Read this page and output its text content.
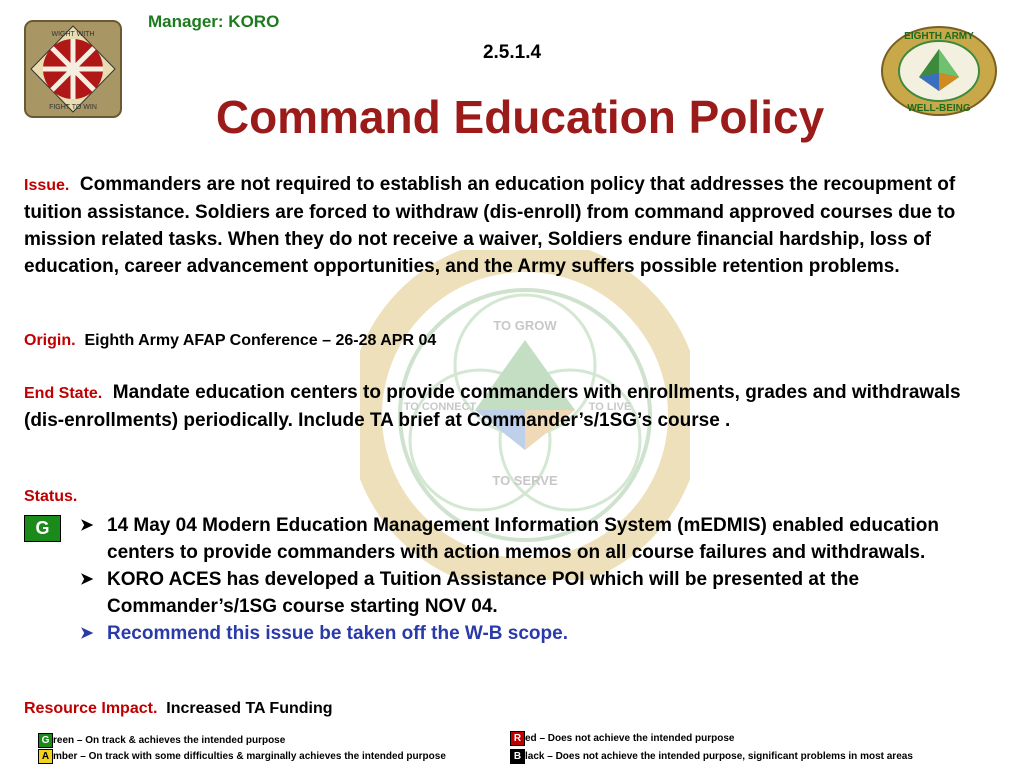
WIGHT WITH
FIGHT TO WIN
Manager: KORO
2.5.1.4
Command Education Policy
EIGHTH ARMY
WELL-BEING
TO GROW
TO CONNECT	TO LIVE
TO SERVE
Issue. Commanders are not required to establish an education policy that addresses the recoupment of tuition assistance. Soldiers are forced to withdraw (dis-enroll) from command approved courses due to mission related tasks. When they do not receive a waiver, Soldiers endure financial hardship, loss of education, career advancement opportunities, and the Army suffers possible retention problems.
Origin. Eighth Army AFAP Conference – 26-28 APR 04
End State. Mandate education centers to provide commanders with enrollments, grades and withdrawals (dis-enrollments) periodically. Include TA brief at Commander’s/1SG’s course .
Status.
G	➤ 14 May 04 Modern Education Management Information System (mEDMIS) enabled education centers to provide commanders with action memos on all course failures and withdrawals.
➤ KORO ACES has developed a Tuition Assistance POI which will be presented at the Commander’s/1SG course starting NOV 04.
➤ Recommend this issue be taken off the W-B scope.
Resource Impact. Increased TA Funding
G reen – On track & achieves the intended purpose
A mber – On track with some difficulties & marginally achieves the intended purpose
R ed – Does not achieve the intended purpose
B lack – Does not achieve the intended purpose, significant problems in most areas
